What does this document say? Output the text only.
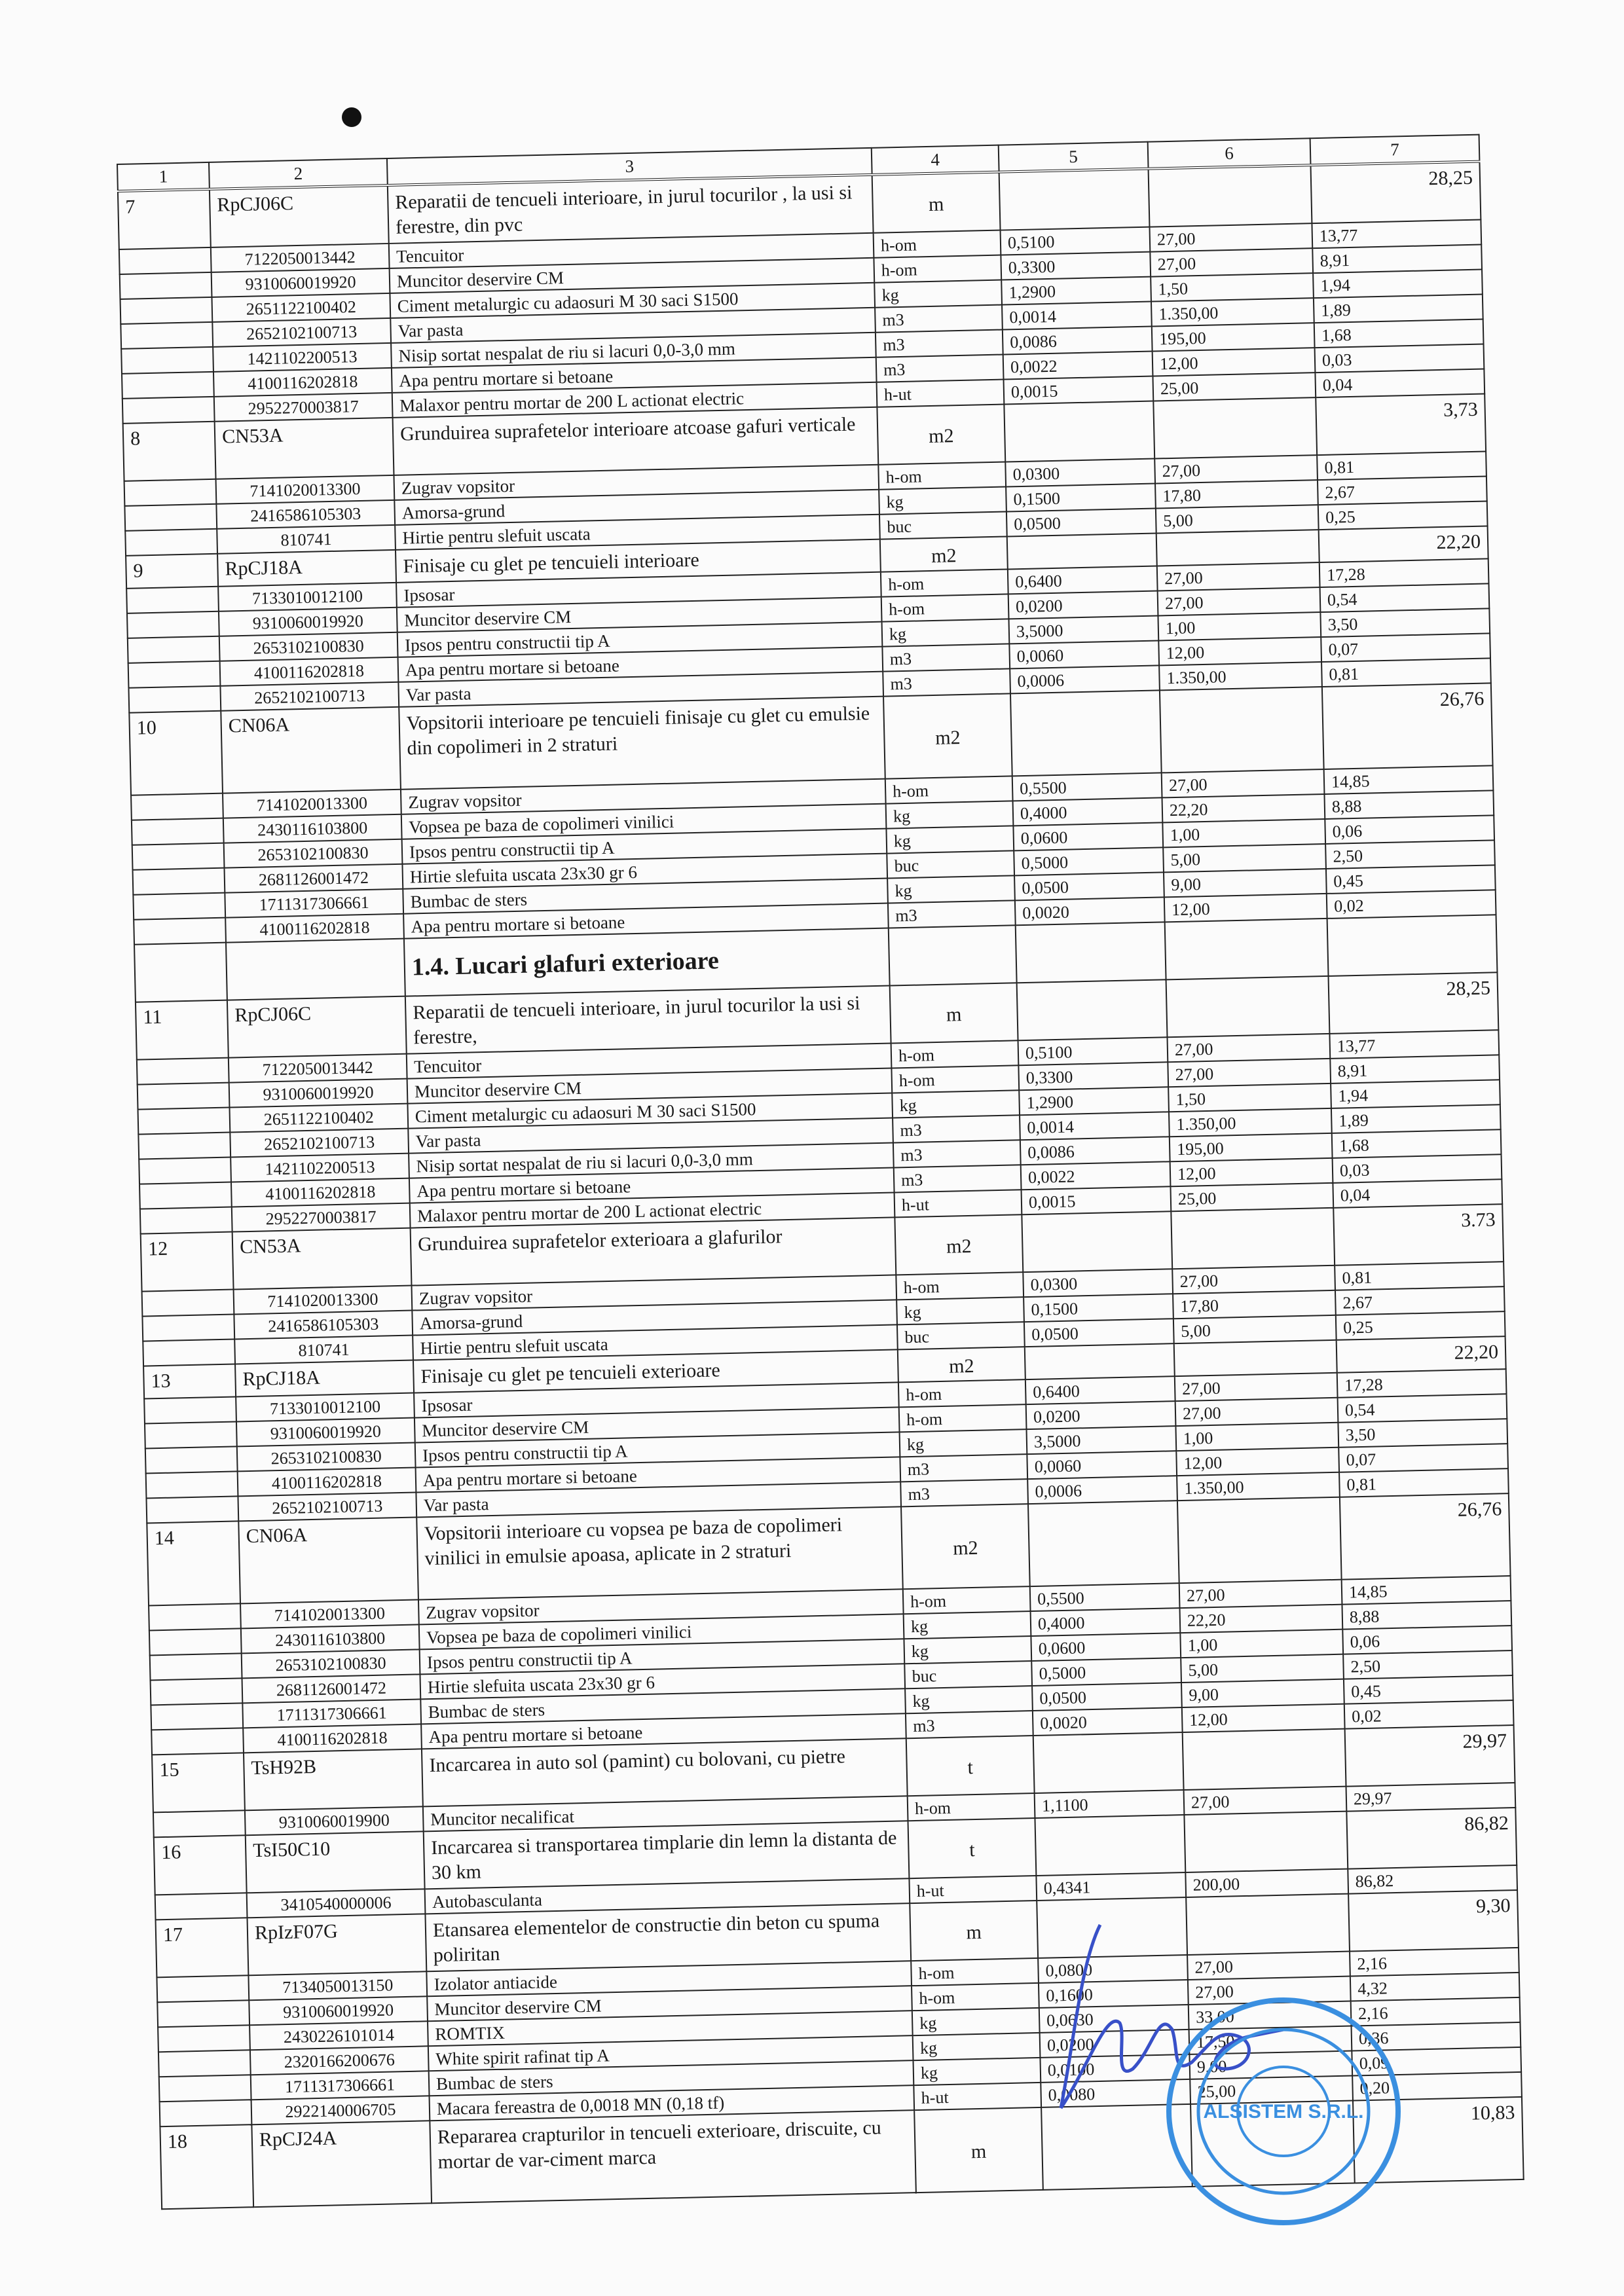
1	2	3	4	5	6	7
7	RpCJ06C	Reparatii de tencueli interioare, in jurul tocurilor , la usi si ferestre, din pvc	m			28,25
	7122050013442	Tencuitor	h-om	0,5100	27,00	13,77
	9310060019920	Muncitor deservire CM	h-om	0,3300	27,00	8,91
	2651122100402	Ciment metalurgic cu adaosuri M 30 saci S1500	kg	1,2900	1,50	1,94
	2652102100713	Var pasta	m3	0,0014	1.350,00	1,89
	1421102200513	Nisip sortat nespalat de riu si lacuri 0,0-3,0 mm	m3	0,0086	195,00	1,68
	4100116202818	Apa pentru mortare si betoane	m3	0,0022	12,00	0,03
	2952270003817	Malaxor pentru mortar de 200 L actionat electric	h-ut	0,0015	25,00	0,04
8	CN53A	Grunduirea suprafetelor interioare atcoase gafuri verticale	m2			3,73
	7141020013300	Zugrav vopsitor	h-om	0,0300	27,00	0,81
	2416586105303	Amorsa-grund	kg	0,1500	17,80	2,67
	810741	Hirtie pentru slefuit uscata	buc	0,0500	5,00	0,25
9	RpCJ18A	Finisaje cu glet pe tencuieli interioare	m2			22,20
	7133010012100	Ipsosar	h-om	0,6400	27,00	17,28
	9310060019920	Muncitor deservire CM	h-om	0,0200	27,00	0,54
	2653102100830	Ipsos pentru constructii tip A	kg	3,5000	1,00	3,50
	4100116202818	Apa pentru mortare si betoane	m3	0,0060	12,00	0,07
	2652102100713	Var pasta	m3	0,0006	1.350,00	0,81
10	CN06A	Vopsitorii interioare pe tencuieli finisaje cu glet cu emulsie din copolimeri in 2 straturi	m2			26,76
	7141020013300	Zugrav vopsitor	h-om	0,5500	27,00	14,85
	2430116103800	Vopsea pe baza de copolimeri vinilici	kg	0,4000	22,20	8,88
	2653102100830	Ipsos pentru constructii tip A	kg	0,0600	1,00	0,06
	2681126001472	Hirtie slefuita uscata 23x30 gr 6	buc	0,5000	5,00	2,50
	1711317306661	Bumbac de sters	kg	0,0500	9,00	0,45
	4100116202818	Apa pentru mortare si betoane	m3	0,0020	12,00	0,02
		1.4. Lucari glafuri exterioare				
11	RpCJ06C	Reparatii de tencueli interioare, in jurul tocurilor la usi si ferestre,	m			28,25
	7122050013442	Tencuitor	h-om	0,5100	27,00	13,77
	9310060019920	Muncitor deservire CM	h-om	0,3300	27,00	8,91
	2651122100402	Ciment metalurgic cu adaosuri M 30 saci S1500	kg	1,2900	1,50	1,94
	2652102100713	Var pasta	m3	0,0014	1.350,00	1,89
	1421102200513	Nisip sortat nespalat de riu si lacuri 0,0-3,0 mm	m3	0,0086	195,00	1,68
	4100116202818	Apa pentru mortare si betoane	m3	0,0022	12,00	0,03
	2952270003817	Malaxor pentru mortar de 200 L actionat electric	h-ut	0,0015	25,00	0,04
12	CN53A	Grunduirea suprafetelor exterioara a glafurilor	m2			3.73
	7141020013300	Zugrav vopsitor	h-om	0,0300	27,00	0,81
	2416586105303	Amorsa-grund	kg	0,1500	17,80	2,67
	810741	Hirtie pentru slefuit uscata	buc	0,0500	5,00	0,25
13	RpCJ18A	Finisaje cu glet pe tencuieli exterioare	m2			22,20
	7133010012100	Ipsosar	h-om	0,6400	27,00	17,28
	9310060019920	Muncitor deservire CM	h-om	0,0200	27,00	0,54
	2653102100830	Ipsos pentru constructii tip A	kg	3,5000	1,00	3,50
	4100116202818	Apa pentru mortare si betoane	m3	0,0060	12,00	0,07
	2652102100713	Var pasta	m3	0,0006	1.350,00	0,81
14	CN06A	Vopsitorii interioare cu vopsea pe baza de copolimeri vinilici in emulsie apoasa, aplicate in 2 straturi	m2			26,76
	7141020013300	Zugrav vopsitor	h-om	0,5500	27,00	14,85
	2430116103800	Vopsea pe baza de copolimeri vinilici	kg	0,4000	22,20	8,88
	2653102100830	Ipsos pentru constructii tip A	kg	0,0600	1,00	0,06
	2681126001472	Hirtie slefuita uscata 23x30 gr 6	buc	0,5000	5,00	2,50
	1711317306661	Bumbac de sters	kg	0,0500	9,00	0,45
	4100116202818	Apa pentru mortare si betoane	m3	0,0020	12,00	0,02
15	TsH92B	Incarcarea in auto sol (pamint) cu bolovani, cu pietre	t			29,97
	9310060019900	Muncitor necalificat	h-om	1,1100	27,00	29,97
16	TsI50C10	Incarcarea si transportarea timplarie din lemn la distanta de 30 km	t			86,82
	3410540000006	Autobasculanta	h-ut	0,4341	200,00	86,82
17	RpIzF07G	Etansarea elementelor de constructie din beton cu spuma poliritan	m			9,30
	7134050013150	Izolator antiacide	h-om	0,0800	27,00	2,16
	9310060019920	Muncitor deservire CM	h-om	0,1600	27,00	4,32
	2430226101014	ROMTIX	kg	0,0630	33,00	2,16
	2320166200676	White spirit rafinat tip A	kg	0,0200	17,50	0,36
	1711317306661	Bumbac de sters	kg	0,0100	9,00	0,09
	2922140006705	Macara fereastra de 0,0018 MN (0,18 tf)	h-ut	0,0080	25,00	0,20
18	RpCJ24A	Repararea crapturilor in tencueli exterioare, driscuite, cu mortar de var-ciment marca	m			10,83
ALSISTEM S.R.L.
